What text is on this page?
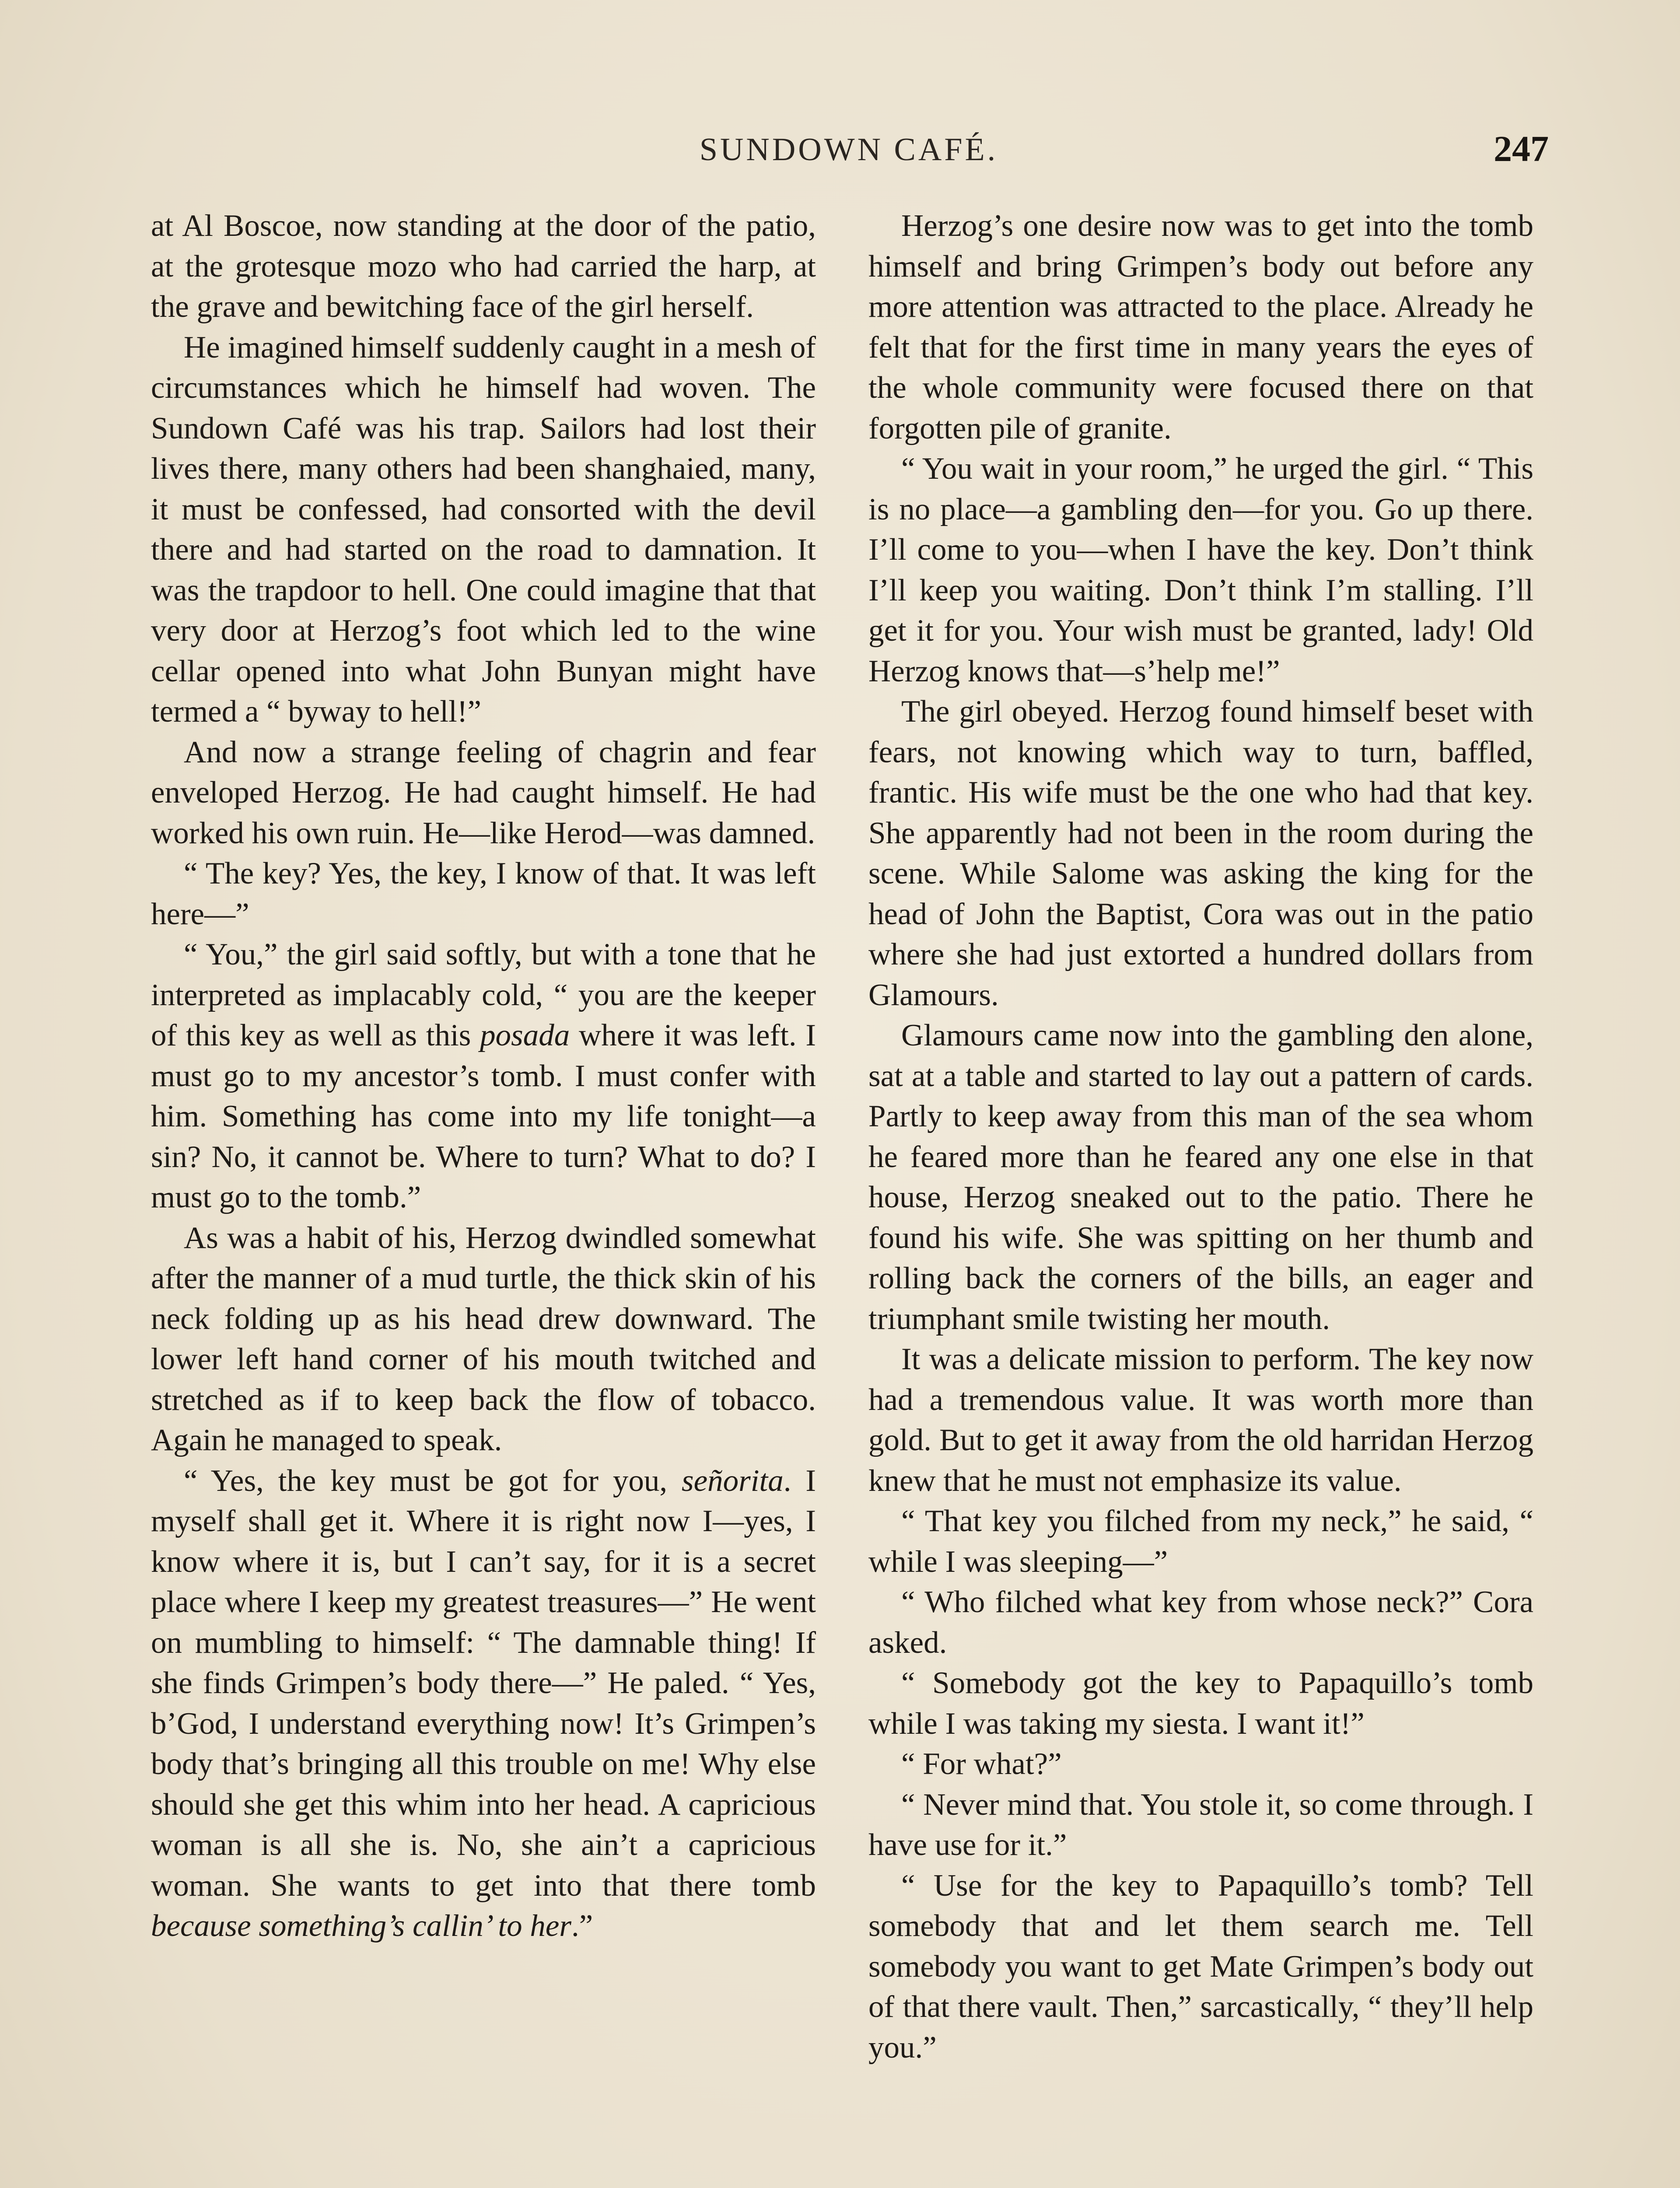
SUNDOWN CAFÉ.	247

at Al Boscoe, now standing at the door of the patio, at the grotesque mozo who had carried the harp, at the grave and bewitching face of the girl herself.

He imagined himself suddenly caught in a mesh of circumstances which he himself had woven. The Sundown Café was his trap. Sailors had lost their lives there, many others had been shanghaied, many, it must be confessed, had consorted with the devil there and had started on the road to damnation. It was the trapdoor to hell. One could imagine that that very door at Herzog’s foot which led to the wine cellar opened into what John Bunyan might have termed a “ byway to hell!”

And now a strange feeling of chagrin and fear enveloped Herzog. He had caught himself. He had worked his own ruin. He—like Herod—was damned.

“ The key? Yes, the key, I know of that. It was left here—”

“ You,” the girl said softly, but with a tone that he interpreted as implacably cold, “ you are the keeper of this key as well as this posada where it was left. I must go to my ancestor’s tomb. I must confer with him. Something has come into my life tonight—a sin? No, it cannot be. Where to turn? What to do? I must go to the tomb.”

As was a habit of his, Herzog dwindled somewhat after the manner of a mud turtle, the thick skin of his neck folding up as his head drew downward. The lower left hand corner of his mouth twitched and stretched as if to keep back the flow of tobacco. Again he managed to speak.

“ Yes, the key must be got for you, señorita. I myself shall get it. Where it is right now I—yes, I know where it is, but I can’t say, for it is a secret place where I keep my greatest treasures—” He went on mumbling to himself: “ The damnable thing! If she finds Grimpen’s body there—” He paled. “ Yes, b’God, I understand everything now! It’s Grimpen’s body that’s bringing all this trouble on me! Why else should she get this whim into her head. A capricious woman is all she is. No, she ain’t a capricious woman. She wants to get into that there tomb because something’s callin’ to her.”

Herzog’s one desire now was to get into the tomb himself and bring Grimpen’s body out before any more attention was attracted to the place. Already he felt that for the first time in many years the eyes of the whole community were focused there on that forgotten pile of granite.

“ You wait in your room,” he urged the girl. “ This is no place—a gambling den—for you. Go up there. I’ll come to you—when I have the key. Don’t think I’ll keep you waiting. Don’t think I’m stalling. I’ll get it for you. Your wish must be granted, lady! Old Herzog knows that—s’help me!”

The girl obeyed. Herzog found himself beset with fears, not knowing which way to turn, baffled, frantic. His wife must be the one who had that key. She apparently had not been in the room during the scene. While Salome was asking the king for the head of John the Baptist, Cora was out in the patio where she had just extorted a hundred dollars from Glamours.

Glamours came now into the gambling den alone, sat at a table and started to lay out a pattern of cards. Partly to keep away from this man of the sea whom he feared more than he feared any one else in that house, Herzog sneaked out to the patio. There he found his wife. She was spitting on her thumb and rolling back the corners of the bills, an eager and triumphant smile twisting her mouth.

It was a delicate mission to perform. The key now had a tremendous value. It was worth more than gold. But to get it away from the old harridan Herzog knew that he must not emphasize its value.

“ That key you filched from my neck,” he said, “ while I was sleeping—”

“ Who filched what key from whose neck?” Cora asked.

“ Somebody got the key to Papaquillo’s tomb while I was taking my siesta. I want it!”

“ For what?”

“ Never mind that. You stole it, so come through. I have use for it.”

“ Use for the key to Papaquillo’s tomb? Tell somebody that and let them search me. Tell somebody you want to get Mate Grimpen’s body out of that there vault. Then,” sarcastically, “ they’ll help you.”
